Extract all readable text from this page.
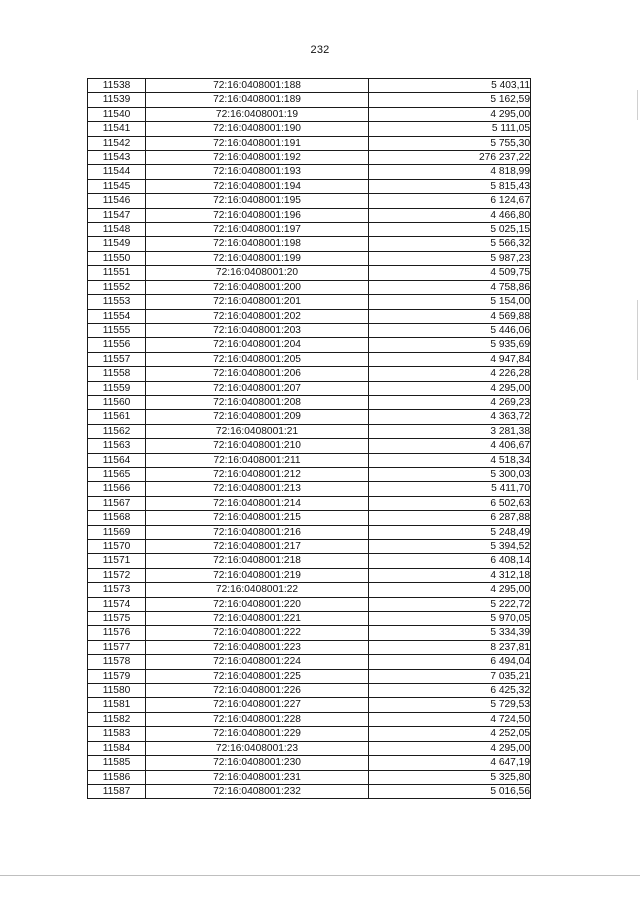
232
11538	72:16:0408001:188	5 403,11
11539	72:16:0408001:189	5 162,59
11540	72:16:0408001:19	4 295,00
11541	72:16:0408001:190	5 111,05
11542	72:16:0408001:191	5 755,30
11543	72:16:0408001:192	276 237,22
11544	72:16:0408001:193	4 818,99
11545	72:16:0408001:194	5 815,43
11546	72:16:0408001:195	6 124,67
11547	72:16:0408001:196	4 466,80
11548	72:16:0408001:197	5 025,15
11549	72:16:0408001:198	5 566,32
11550	72:16:0408001:199	5 987,23
11551	72:16:0408001:20	4 509,75
11552	72:16:0408001:200	4 758,86
11553	72:16:0408001:201	5 154,00
11554	72:16:0408001:202	4 569,88
11555	72:16:0408001:203	5 446,06
11556	72:16:0408001:204	5 935,69
11557	72:16:0408001:205	4 947,84
11558	72:16:0408001:206	4 226,28
11559	72:16:0408001:207	4 295,00
11560	72:16:0408001:208	4 269,23
11561	72:16:0408001:209	4 363,72
11562	72:16:0408001:21	3 281,38
11563	72:16:0408001:210	4 406,67
11564	72:16:0408001:211	4 518,34
11565	72:16:0408001:212	5 300,03
11566	72:16:0408001:213	5 411,70
11567	72:16:0408001:214	6 502,63
11568	72:16:0408001:215	6 287,88
11569	72:16:0408001:216	5 248,49
11570	72:16:0408001:217	5 394,52
11571	72:16:0408001:218	6 408,14
11572	72:16:0408001:219	4 312,18
11573	72:16:0408001:22	4 295,00
11574	72:16:0408001:220	5 222,72
11575	72:16:0408001:221	5 970,05
11576	72:16:0408001:222	5 334,39
11577	72:16:0408001:223	8 237,81
11578	72:16:0408001:224	6 494,04
11579	72:16:0408001:225	7 035,21
11580	72:16:0408001:226	6 425,32
11581	72:16:0408001:227	5 729,53
11582	72:16:0408001:228	4 724,50
11583	72:16:0408001:229	4 252,05
11584	72:16:0408001:23	4 295,00
11585	72:16:0408001:230	4 647,19
11586	72:16:0408001:231	5 325,80
11587	72:16:0408001:232	5 016,56
